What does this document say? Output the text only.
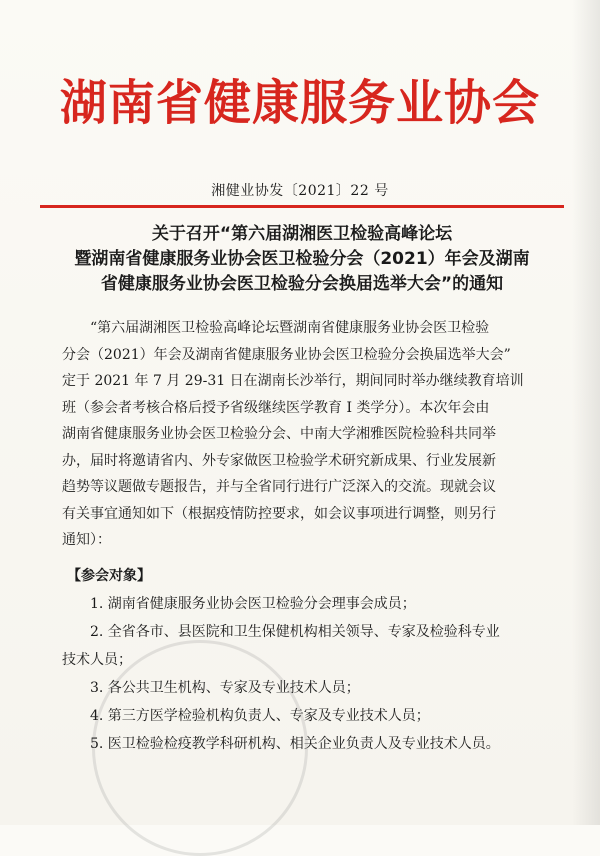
湖南省健康服务业协会
湘健业协发〔2021〕22 号
关于召开“第六届湖湘医卫检验高峰论坛
暨湖南省健康服务业协会医卫检验分会（2021）年会及湖南
省健康服务业协会医卫检验分会换届选举大会”的通知
“第六届湖湘医卫检验高峰论坛暨湖南省健康服务业协会医卫检验
分会（2021）年会及湖南省健康服务业协会医卫检验分会换届选举大会”
定于 2021 年 7 月 29-31 日在湖南长沙举行，期间同时举办继续教育培训
班（参会者考核合格后授予省级继续医学教育 I 类学分）。本次年会由
湖南省健康服务业协会医卫检验分会、中南大学湘雅医院检验科共同举
办，届时将邀请省内、外专家做医卫检验学术研究新成果、行业发展新
趋势等议题做专题报告，并与全省同行进行广泛深入的交流。现就会议
有关事宜通知如下（根据疫情防控要求，如会议事项进行调整，则另行
通知）：
【参会对象】
1. 湖南省健康服务业协会医卫检验分会理事会成员；
2. 全省各市、县医院和卫生保健机构相关领导、专家及检验科专业
技术人员；
3. 各公共卫生机构、专家及专业技术人员；
4. 第三方医学检验机构负责人、专家及专业技术人员；
5. 医卫检验检疫教学科研机构、相关企业负责人及专业技术人员。
